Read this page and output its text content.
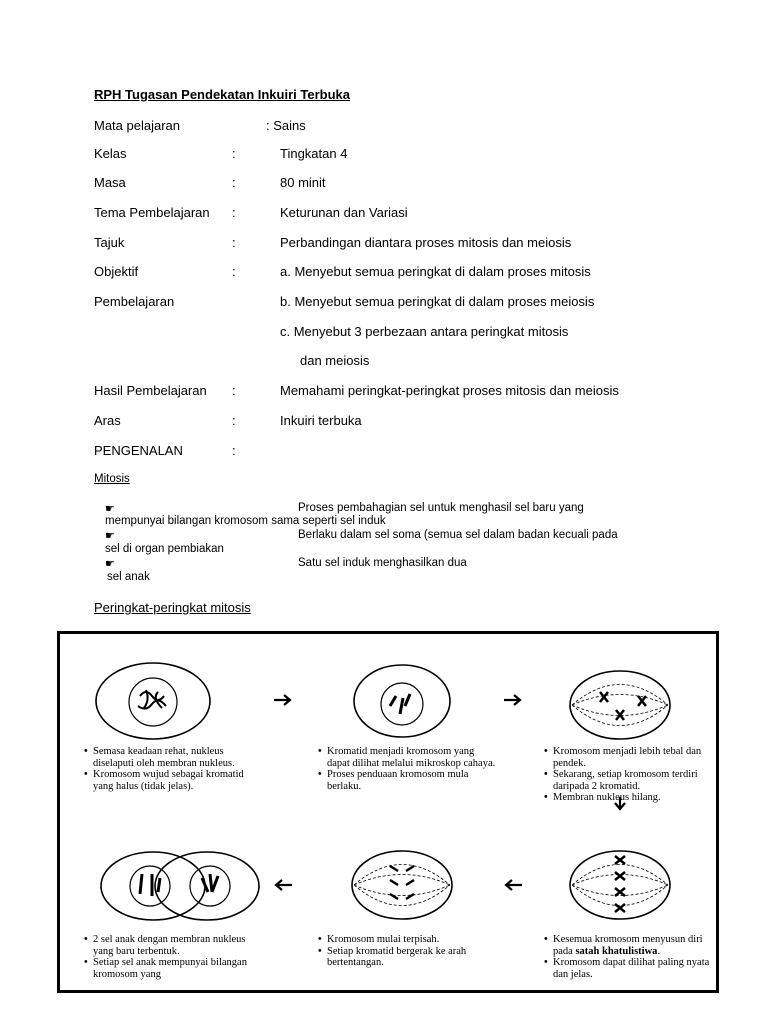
RPH Tugasan Pendekatan Inkuiri Terbuka
Mata pelajaran	: Sains
Kelas	:	Tingkatan 4
Masa	:	80 minit
Tema Pembelajaran :	Keturunan dan Variasi
Tajuk	:	Perbandingan diantara proses mitosis dan meiosis
Objektif	:	a. Menyebut semua peringkat di dalam proses mitosis
Pembelajaran	b. Menyebut semua peringkat di dalam proses meiosis
c. Menyebut 3 perbezaan antara peringkat mitosis
dan meiosis
Hasil Pembelajaran :	Memahami peringkat-peringkat proses mitosis dan meiosis
Aras	:	Inkuiri terbuka
PENGENALAN	:
Mitosis
☛	Proses pembahagian sel untuk menghasil sel baru yang
mempunyai bilangan kromosom sama seperti sel induk
☛	Berlaku dalam sel soma (semua sel dalam badan kecuali pada
sel di organ pembiakan
☛	Satu sel induk menghasilkan dua
sel anak
Peringkat-peringkat mitosis
• Semasa keadaan rehat, nukleus diselaputi oleh membran nukleus.
• Kromosom wujud sebagai kromatid yang halus (tidak jelas).
• Kromatid menjadi kromosom yang dapat dilihat melalui mikroskop cahaya.
• Proses penduaan kromosom mula berlaku.
• Kromosom menjadi lebih tebal dan pendek.
• Sekarang, setiap kromosom terdiri daripada 2 kromatid.
• Membran nukleus hilang.
• 2 sel anak dengan membran nukleus yang baru terbentuk.
• Setiap sel anak mempunyai bilangan kromosom yang
• Kromosom mulai terpisah.
• Setiap kromatid bergerak ke arah bertentangan.
• Kesemua kromosom menyusun diri pada satah khatulistiwa.
• Kromosom dapat dilihat paling nyata dan jelas.
